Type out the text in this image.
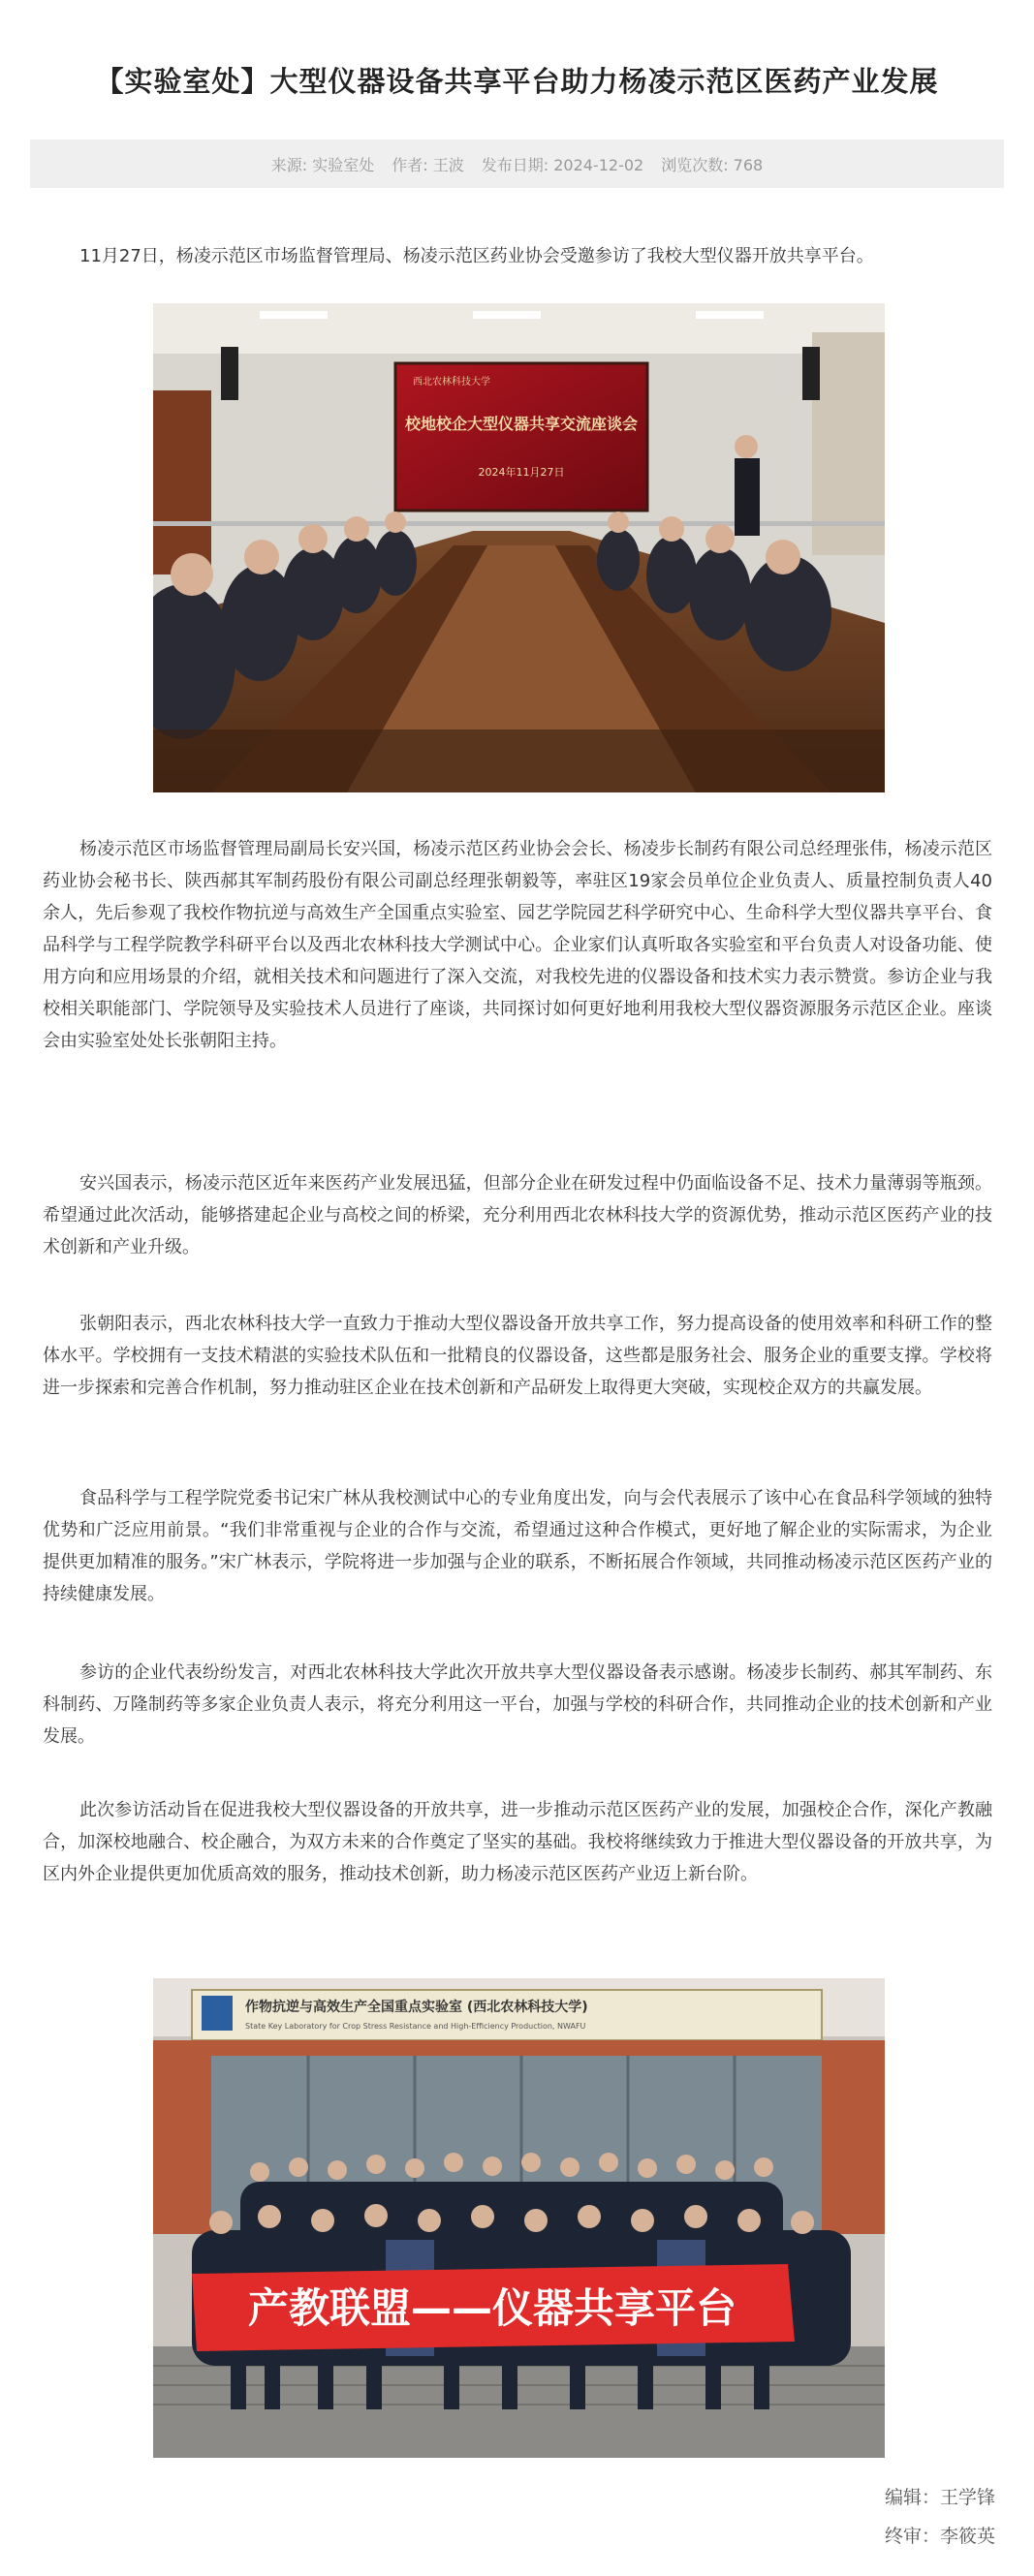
【实验室处】大型仪器设备共享平台助力杨凌示范区医药产业发展
来源: 实验室处 作者: 王波 发布日期: 2024-12-02 浏览次数: 768

11月27日，杨凌示范区市场监督管理局、杨凌示范区药业协会受邀参访了我校大型仪器开放共享平台。

西北农林科技大学
校地校企大型仪器共享交流座谈会
2024年11月27日

杨凌示范区市场监督管理局副局长安兴国，杨凌示范区药业协会会长、杨凌步长制药有限公司总经理张伟，杨凌示范区药业协会秘书长、陕西郝其军制药股份有限公司副总经理张朝毅等，率驻区19家会员单位企业负责人、质量控制负责人40余人，先后参观了我校作物抗逆与高效生产全国重点实验室、园艺学院园艺科学研究中心、生命科学大型仪器共享平台、食品科学与工程学院教学科研平台以及西北农林科技大学测试中心。企业家们认真听取各实验室和平台负责人对设备功能、使用方向和应用场景的介绍，就相关技术和问题进行了深入交流，对我校先进的仪器设备和技术实力表示赞赏。参访企业与我校相关职能部门、学院领导及实验技术人员进行了座谈，共同探讨如何更好地利用我校大型仪器资源服务示范区企业。座谈会由实验室处处长张朝阳主持。

安兴国表示，杨凌示范区近年来医药产业发展迅猛，但部分企业在研发过程中仍面临设备不足、技术力量薄弱等瓶颈。希望通过此次活动，能够搭建起企业与高校之间的桥梁，充分利用西北农林科技大学的资源优势，推动示范区医药产业的技术创新和产业升级。

张朝阳表示，西北农林科技大学一直致力于推动大型仪器设备开放共享工作，努力提高设备的使用效率和科研工作的整体水平。学校拥有一支技术精湛的实验技术队伍和一批精良的仪器设备，这些都是服务社会、服务企业的重要支撑。学校将进一步探索和完善合作机制，努力推动驻区企业在技术创新和产品研发上取得更大突破，实现校企双方的共赢发展。

食品科学与工程学院党委书记宋广林从我校测试中心的专业角度出发，向与会代表展示了该中心在食品科学领域的独特优势和广泛应用前景。“我们非常重视与企业的合作与交流，希望通过这种合作模式，更好地了解企业的实际需求，为企业提供更加精准的服务。”宋广林表示，学院将进一步加强与企业的联系，不断拓展合作领域，共同推动杨凌示范区医药产业的持续健康发展。

参访的企业代表纷纷发言，对西北农林科技大学此次开放共享大型仪器设备表示感谢。杨凌步长制药、郝其军制药、东科制药、万隆制药等多家企业负责人表示，将充分利用这一平台，加强与学校的科研合作，共同推动企业的技术创新和产业发展。

此次参访活动旨在促进我校大型仪器设备的开放共享，进一步推动示范区医药产业的发展，加强校企合作，深化产教融合，加深校地融合、校企融合，为双方未来的合作奠定了坚实的基础。我校将继续致力于推进大型仪器设备的开放共享，为区内外企业提供更加优质高效的服务，推动技术创新，助力杨凌示范区医药产业迈上新台阶。

作物抗逆与高效生产全国重点实验室 (西北农林科技大学)
State Key Laboratory for Crop Stress Resistance and High-Efficiency Production, NWAFU
产教联盟——仪器共享平台
编辑：王学锋
终审：李筱英
